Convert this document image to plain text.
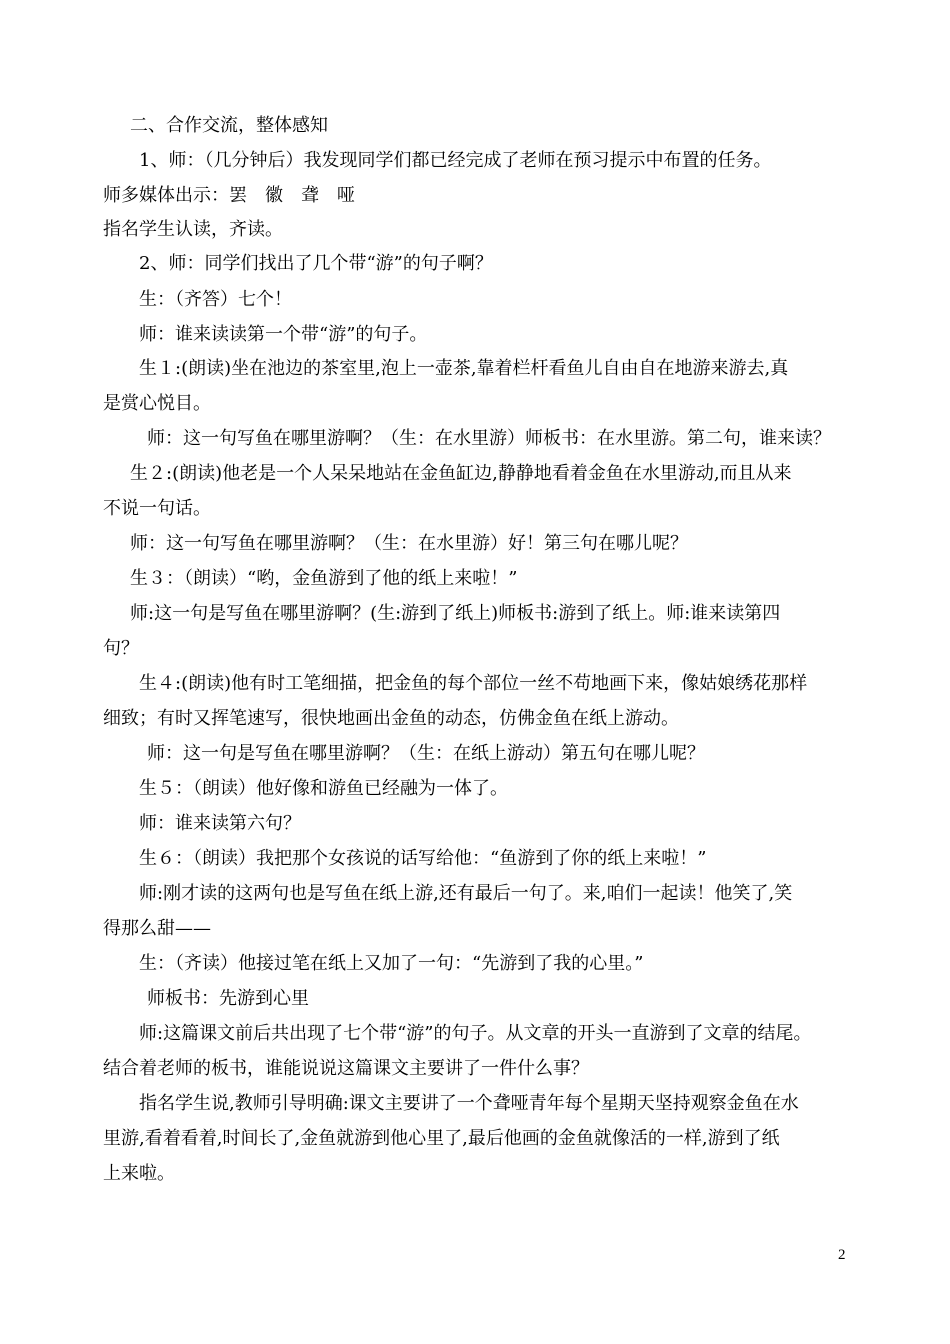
二、合作交流，整体感知
1、师：（几分钟后）我发现同学们都已经完成了老师在预习提示中布置的任务。
师多媒体出示：罢　徽　聋　哑
指名学生认读，齐读。
2、师：同学们找出了几个带“游”的句子啊？
生：（齐答）七个！
师：谁来读读第一个带“游”的句子。
生１:(朗读)坐在池边的茶室里,泡上一壶茶,靠着栏杆看鱼儿自由自在地游来游去,真
是赏心悦目。
师：这一句写鱼在哪里游啊？（生：在水里游）师板书：在水里游。第二句，谁来读？
生２:(朗读)他老是一个人呆呆地站在金鱼缸边,静静地看着金鱼在水里游动,而且从来
不说一句话。
师：这一句写鱼在哪里游啊？（生：在水里游）好！第三句在哪儿呢？
生３：（朗读）“哟，金鱼游到了他的纸上来啦！”
师:这一句是写鱼在哪里游啊？(生:游到了纸上)师板书:游到了纸上。师:谁来读第四
句？
生４:(朗读)他有时工笔细描，把金鱼的每个部位一丝不苟地画下来，像姑娘绣花那样
细致；有时又挥笔速写，很快地画出金鱼的动态，仿佛金鱼在纸上游动。
师：这一句是写鱼在哪里游啊？（生：在纸上游动）第五句在哪儿呢？
生５：（朗读）他好像和游鱼已经融为一体了。
师：谁来读第六句？
生６：（朗读）我把那个女孩说的话写给他：“鱼游到了你的纸上来啦！”
师:刚才读的这两句也是写鱼在纸上游,还有最后一句了。来,咱们一起读！他笑了,笑
得那么甜——
生：（齐读）他接过笔在纸上又加了一句：“先游到了我的心里。”
师板书：先游到心里
师:这篇课文前后共出现了七个带“游”的句子。从文章的开头一直游到了文章的结尾。
结合着老师的板书，谁能说说这篇课文主要讲了一件什么事？
指名学生说,教师引导明确:课文主要讲了一个聋哑青年每个星期天坚持观察金鱼在水
里游,看着看着,时间长了,金鱼就游到他心里了,最后他画的金鱼就像活的一样,游到了纸
上来啦。
2
